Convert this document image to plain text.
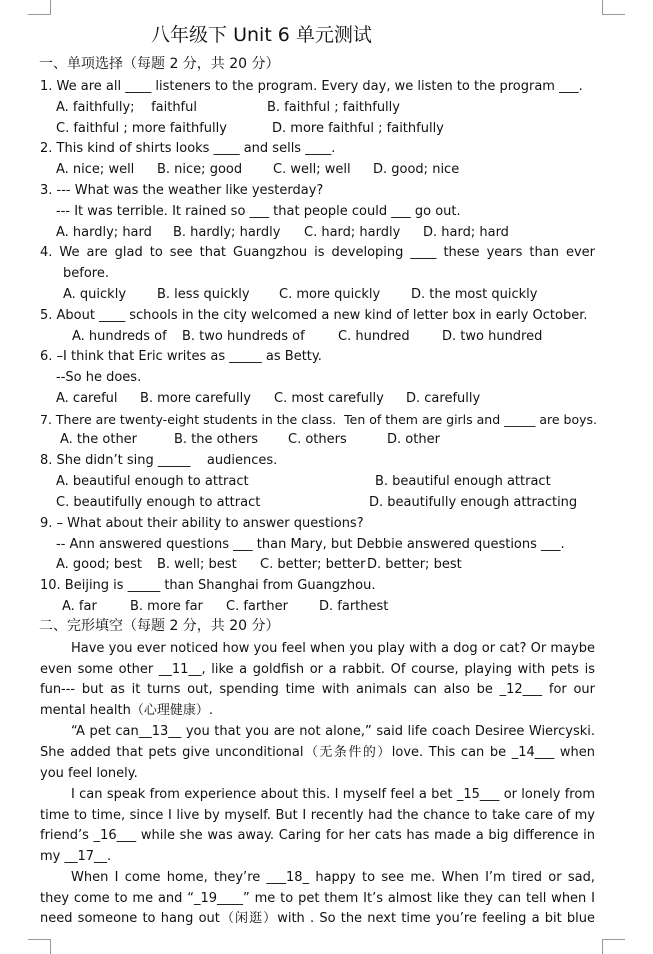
八年级下 Unit 6 单元测试
一、单项选择（每题 2 分，共 20 分）
1. We are all ____ listeners to the program. Every day, we listen to the program ___.
A. faithfully;    faithful	B. faithful ; faithfully
C. faithful ; more faithfully	D. more faithful ; faithfully
2. This kind of shirts looks ____ and sells ____.
A. nice; well B. nice; good C. well; well D. good; nice
3. --- What was the weather like yesterday?
--- It was terrible. It rained so ___ that people could ___ go out.
A. hardly; hard B. hardly; hardly C. hard; hardly D. hard; hard
4. We are glad to see that Guangzhou is developing ____ these years than ever
before.
A. quickly B. less quickly C. more quickly D. the most quickly
5. About ____ schools in the city welcomed a new kind of letter box in early October.
A. hundreds of B. two hundreds of	C. hundred D. two hundred
6. –I think that Eric writes as _____ as Betty.
--So he does.
A. careful B. more carefully C. most carefully D. carefully
7. There are twenty-eight students in the class.  Ten of them are girls and _____ are boys.
A. the other	B. the others C. others	D. other
8. She didn’t sing _____    audiences.
A. beautiful enough to attract	B. beautiful enough attract
C. beautifully enough to attract	D. beautifully enough attracting
9. – What about their ability to answer questions?
-- Ann answered questions ___ than Mary, but Debbie answered questions ___.
A. good; best B. well; best C. better; better D. better; best
10. Beijing is _____ than Shanghai from Guangzhou.
A. far	B. more far C. farther D. farthest
二、完形填空（每题 2 分，共 20 分）
Have you ever noticed how you feel when you play with a dog or cat? Or maybe
even some other __11__, like a goldfish or a rabbit. Of course, playing with pets is
fun--- but as it turns out, spending time with animals can also be _12___ for our
mental health（心理健康）.
“A pet can__13__ you that you are not alone,” said life coach Desiree Wiercyski.
She added that pets give unconditional（无条件的）love. This can be _14___ when
you feel lonely.
I can speak from experience about this. I myself feel a bet _15___ or lonely from
time to time, since I live by myself. But I recently had the chance to take care of my
friend’s _16___ while she was away. Caring for her cats has made a big difference in
my __17__.
When I come home, they’re ___18_ happy to see me. When I’m tired or sad,
they come to me and “_19____” me to pet them It’s almost like they can tell when I
need someone to hang out（闲逛）with . So the next time you’re feeling a bit blue
